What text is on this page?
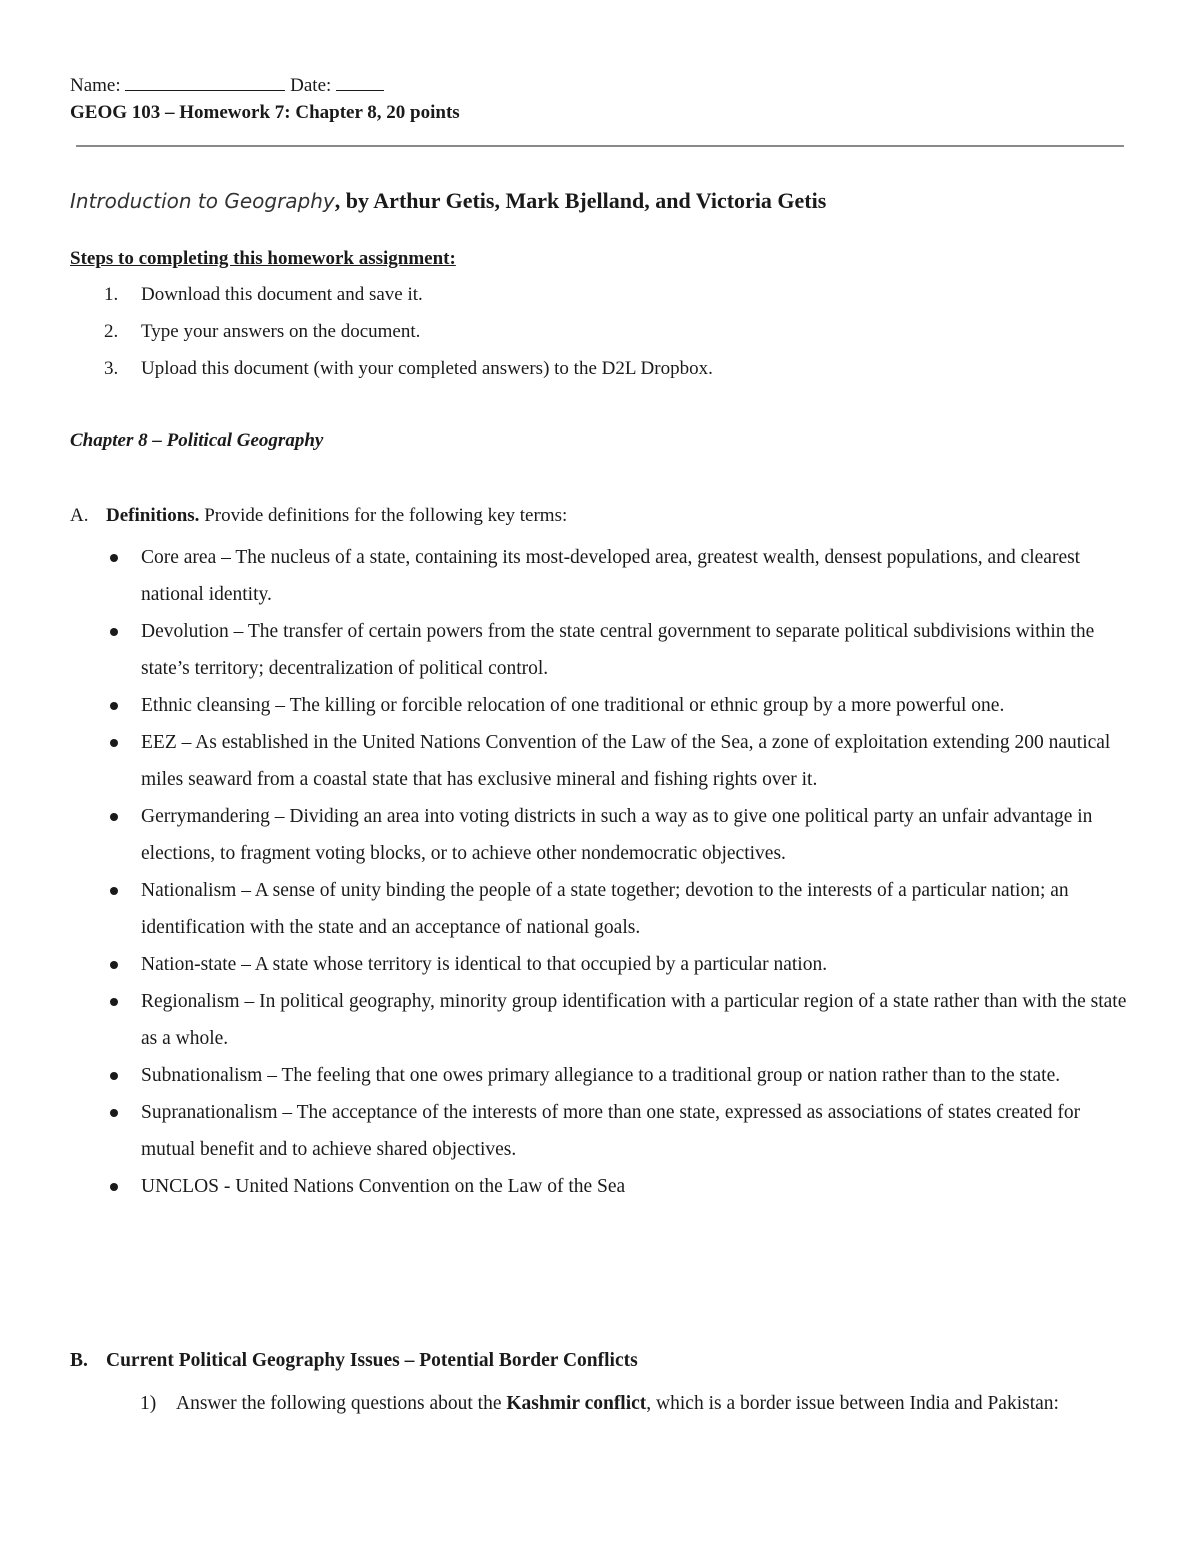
Name:	Date:
GEOG 103 – Homework 7: Chapter 8, 20 points
Introduction to Geography, by Arthur Getis, Mark Bjelland, and Victoria Getis
Steps to completing this homework assignment:
1. Download this document and save it.
2. Type your answers on the document.
3. Upload this document (with your completed answers) to the D2L Dropbox.
Chapter 8 – Political Geography
A. Definitions. Provide definitions for the following key terms:
Core area – The nucleus of a state, containing its most-developed area, greatest wealth, densest populations, and clearest national identity.
Devolution – The transfer of certain powers from the state central government to separate political subdivisions within the state’s territory; decentralization of political control.
Ethnic cleansing – The killing or forcible relocation of one traditional or ethnic group by a more powerful one.
EEZ – As established in the United Nations Convention of the Law of the Sea, a zone of exploitation extending 200 nautical miles seaward from a coastal state that has exclusive mineral and fishing rights over it.
Gerrymandering – Dividing an area into voting districts in such a way as to give one political party an unfair advantage in elections, to fragment voting blocks, or to achieve other nondemocratic objectives.
Nationalism – A sense of unity binding the people of a state together; devotion to the interests of a particular nation; an identification with the state and an acceptance of national goals.
Nation-state – A state whose territory is identical to that occupied by a particular nation.
Regionalism – In political geography, minority group identification with a particular region of a state rather than with the state as a whole.
Subnationalism – The feeling that one owes primary allegiance to a traditional group or nation rather than to the state.
Supranationalism – The acceptance of the interests of more than one state, expressed as associations of states created for mutual benefit and to achieve shared objectives.
UNCLOS - United Nations Convention on the Law of the Sea
B. Current Political Geography Issues – Potential Border Conflicts
1) Answer the following questions about the Kashmir conflict, which is a border issue between India and Pakistan:
